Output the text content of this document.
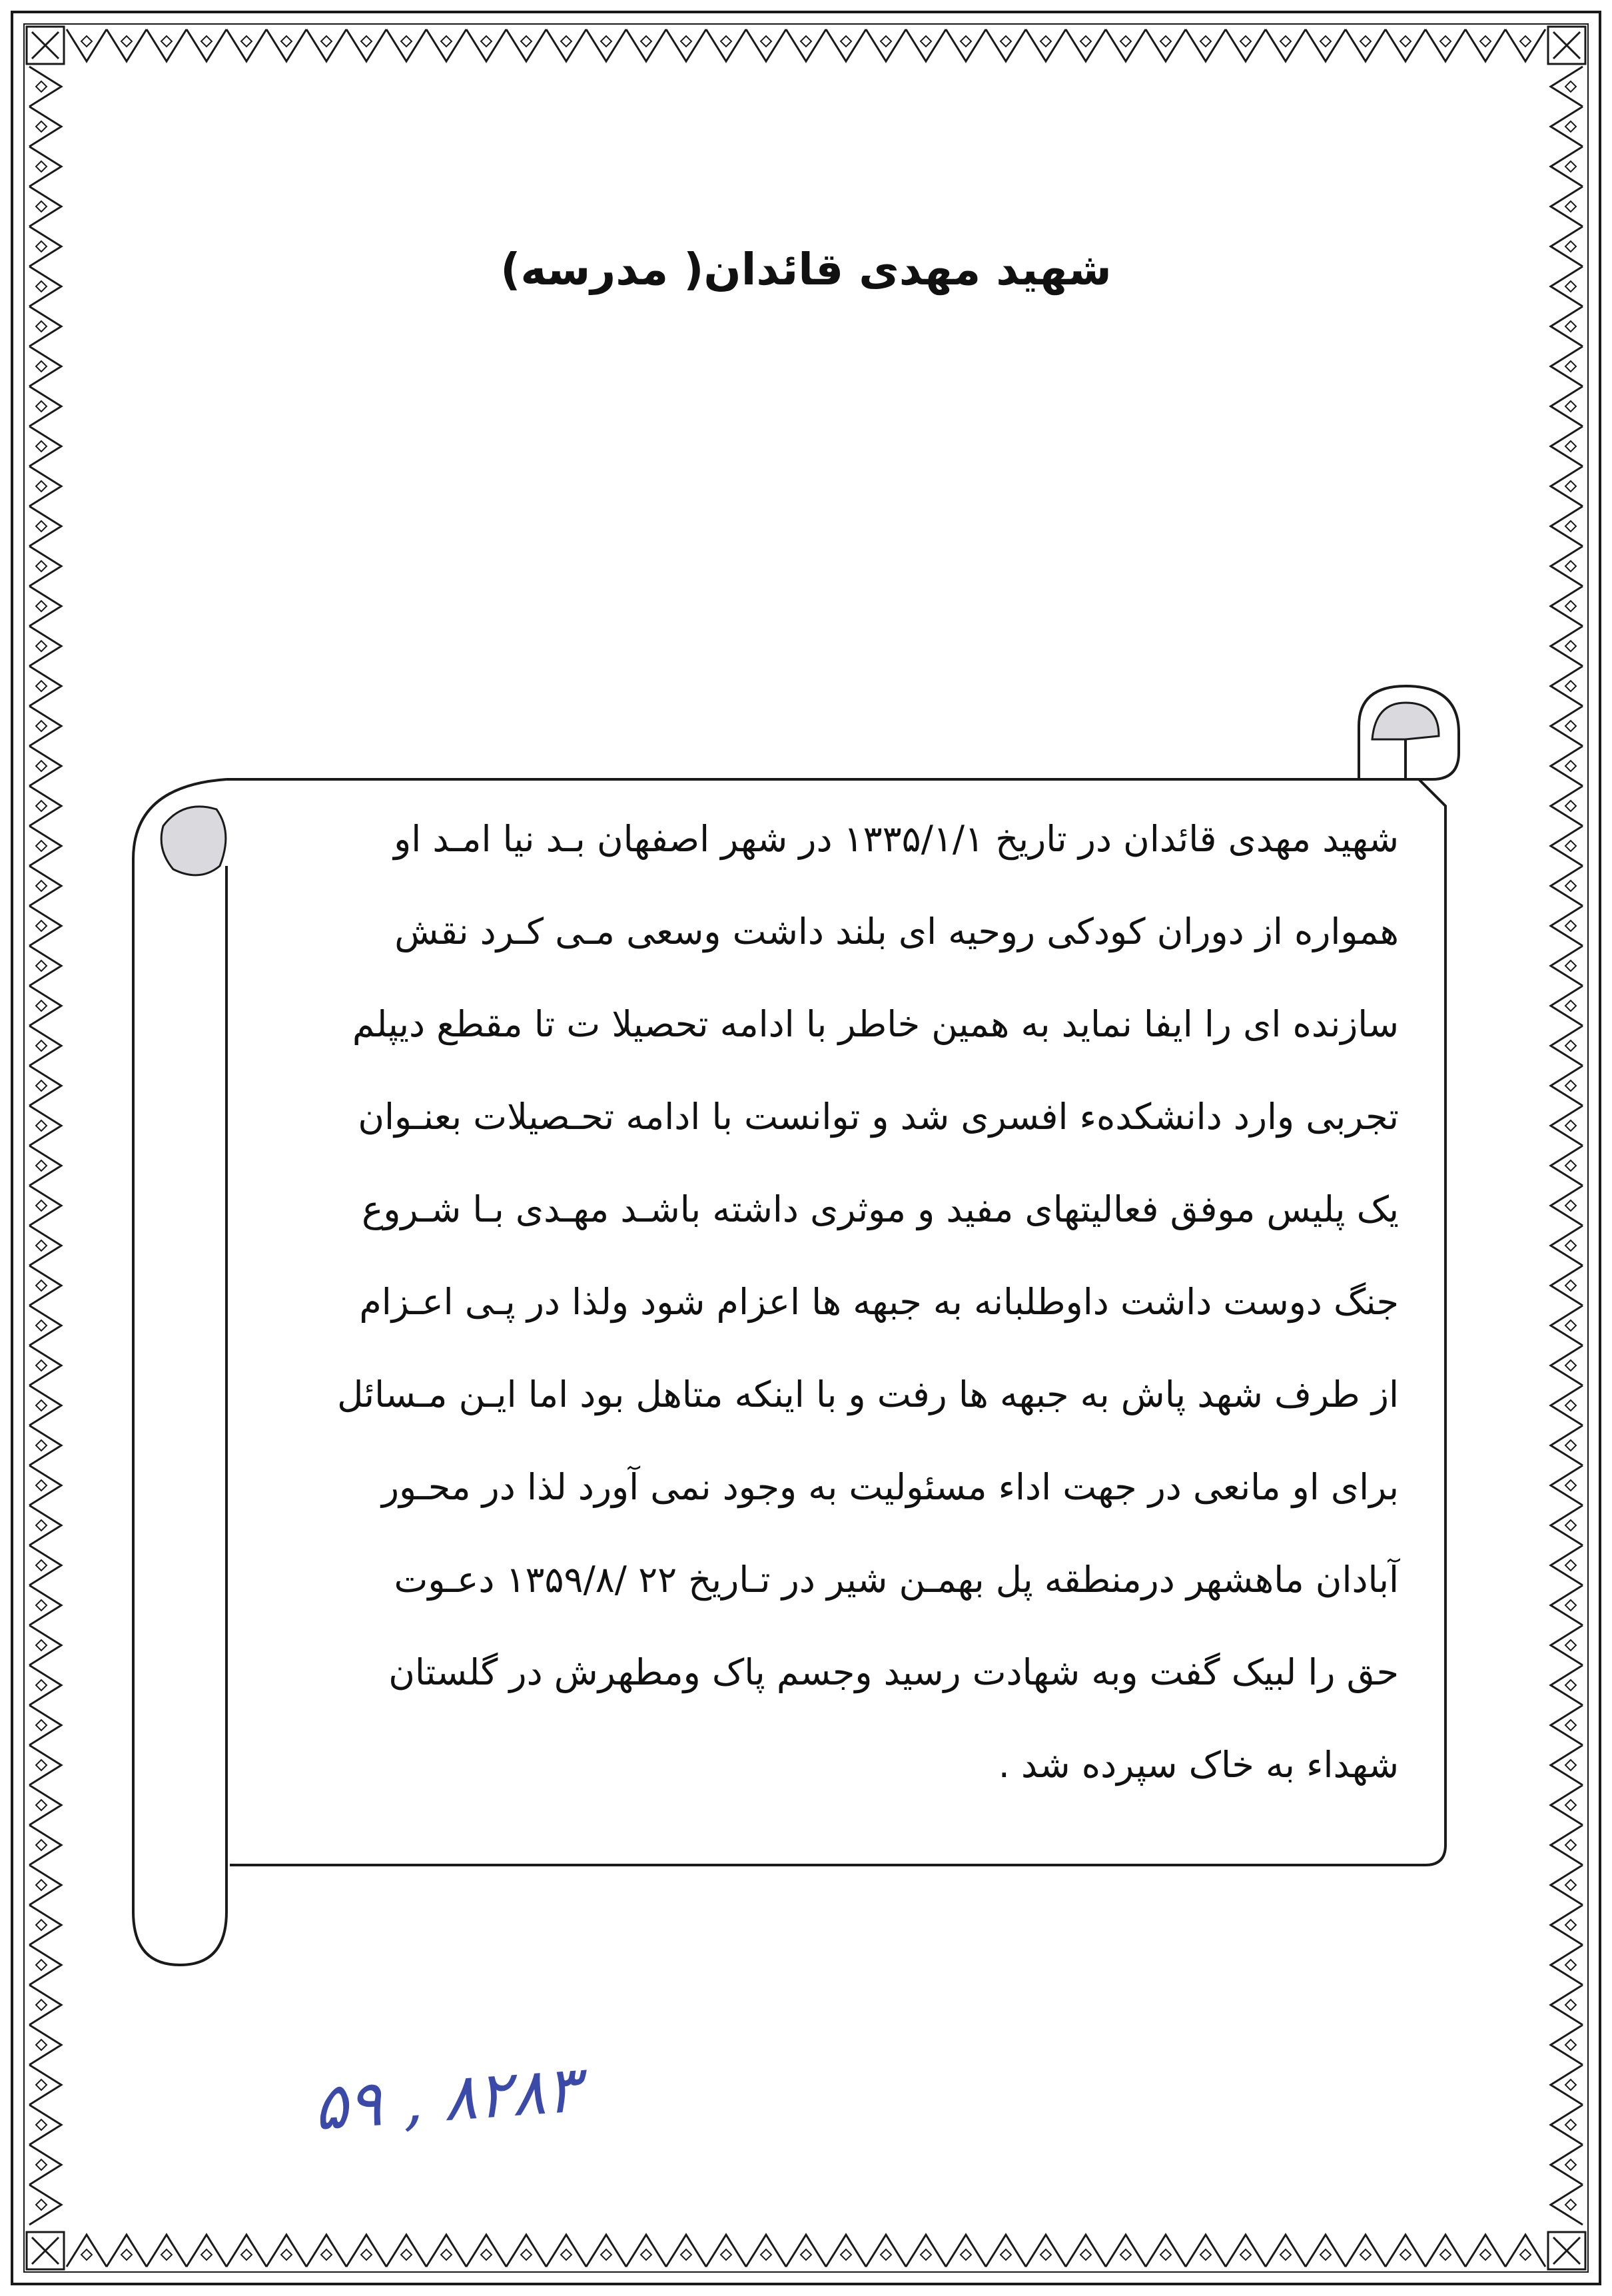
شهید مهدی قائدان( مدرسه)
شهید مهدی قائدان در تاریخ ۱۳۳۵/۱/۱ در شهر اصفهان بـد نیا امـد او
همواره از دوران کودکی روحیه ای بلند داشت وسعی مـی کـرد نقش
سازنده ای را ایفا نماید به همین خاطر با ادامه تحصیلا ت تا مقطع دیپلم
تجربی وارد دانشکدهء افسری شد و توانست با ادامه تحـصیلات بعنـوان
یک پلیس موفق فعالیتهای مفید و موثری داشته باشـد مهـدی بـا شـروع
جنگ دوست داشت داوطلبانه به جبهه ها اعزام شود ولذا در پـی اعـزام
از طرف شهد پاش به جبهه ها رفت و با اینکه متاهل بود اما ایـن مـسائل
برای او مانعی در جهت اداء مسئولیت به وجود نمی آورد لذا در محـور
آبادان ماهشهر درمنطقه پل بهمـن شیر در تـاریخ ۲۲ /۱۳۵۹/۸ دعـوت
حق را لبیک گفت وبه شهادت رسید وجسم پاک ومطهرش در گلستان
شهداء به خاک سپرده شد .
۵۹ , ۸۲۸۳
